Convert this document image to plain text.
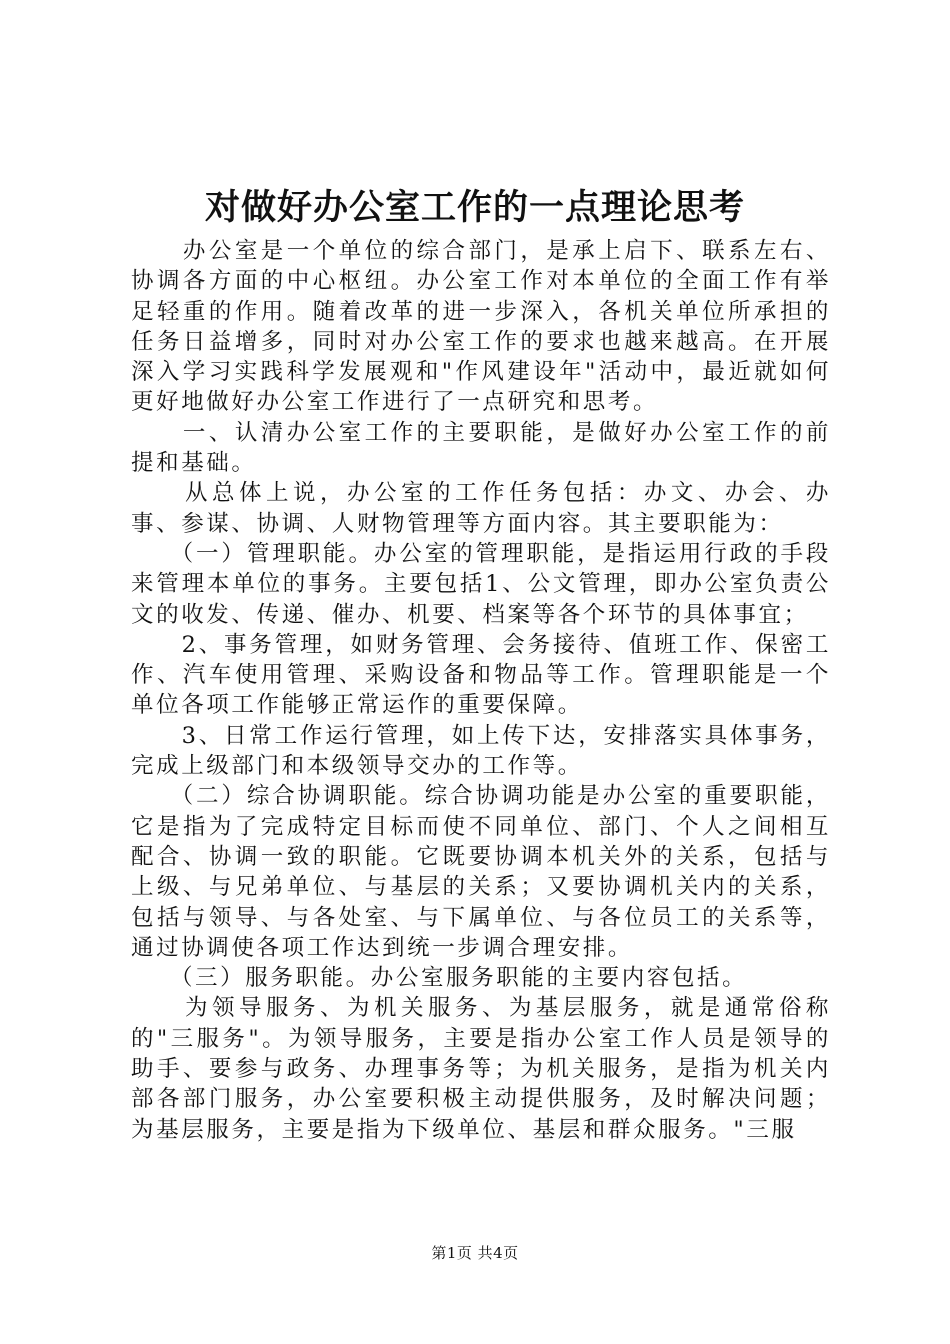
对做好办公室工作的一点理论思考

　　办公室是一个单位的综合部门，是承上启下、联系左右、协调各方面的中心枢纽。办公室工作对本单位的全面工作有举足轻重的作用。随着改革的进一步深入，各机关单位所承担的任务日益增多，同时对办公室工作的要求也越来越高。在开展深入学习实践科学发展观和"作风建设年"活动中，最近就如何更好地做好办公室工作进行了一点研究和思考。

　　一、认清办公室工作的主要职能，是做好办公室工作的前提和基础。

　　从总体上说，办公室的工作任务包括：办文、办会、办事、参谋、协调、人财物管理等方面内容。其主要职能为：

　　（一）管理职能。办公室的管理职能，是指运用行政的手段来管理本单位的事务。主要包括1、公文管理，即办公室负责公文的收发、传递、催办、机要、档案等各个环节的具体事宜；

　　2、事务管理，如财务管理、会务接待、值班工作、保密工作、汽车使用管理、采购设备和物品等工作。管理职能是一个单位各项工作能够正常运作的重要保障。

　　3、日常工作运行管理，如上传下达，安排落实具体事务，完成上级部门和本级领导交办的工作等。

　　（二）综合协调职能。综合协调功能是办公室的重要职能，它是指为了完成特定目标而使不同单位、部门、个人之间相互配合、协调一致的职能。它既要协调本机关外的关系，包括与上级、与兄弟单位、与基层的关系；又要协调机关内的关系，包括与领导、与各处室、与下属单位、与各位员工的关系等，通过协调使各项工作达到统一步调合理安排。

　　（三）服务职能。办公室服务职能的主要内容包括。

　　为领导服务、为机关服务、为基层服务，就是通常俗称的"三服务"。为领导服务，主要是指办公室工作人员是领导的助手、要参与政务、办理事务等；为机关服务，是指为机关内部各部门服务，办公室要积极主动提供服务，及时解决问题；为基层服务，主要是指为下级单位、基层和群众服务。"三服

第1页 共4页
